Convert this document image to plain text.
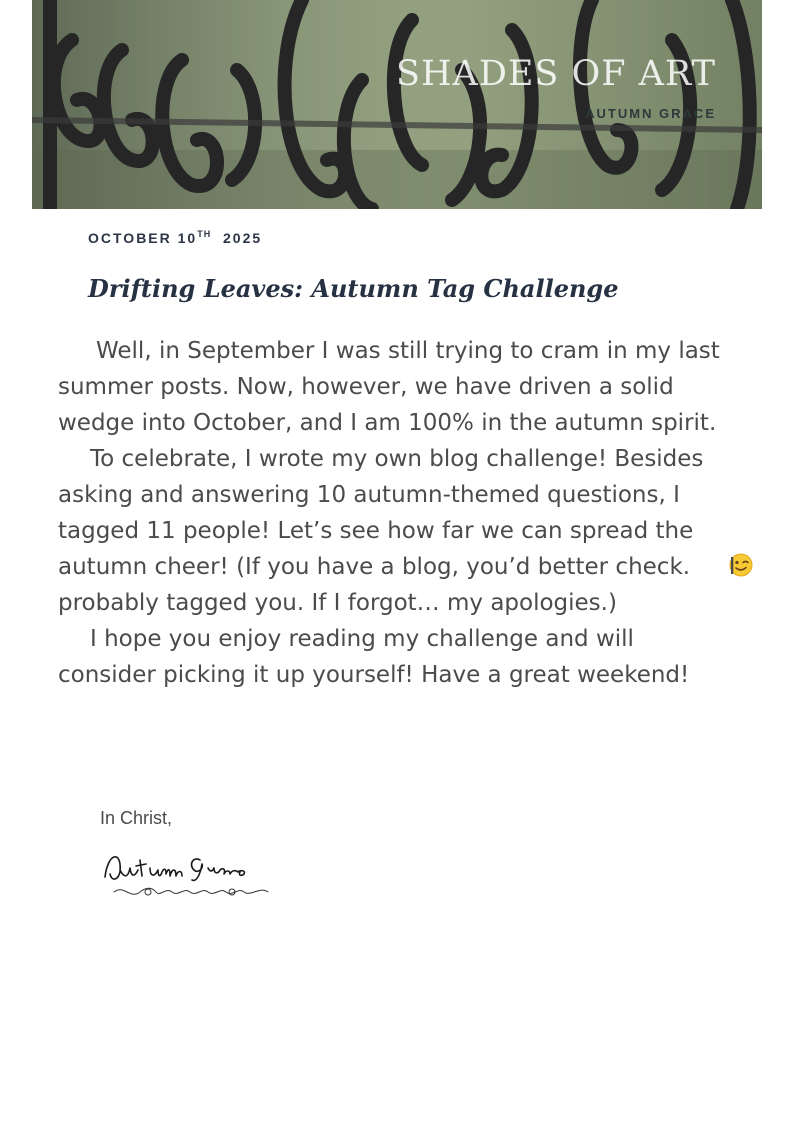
SHADES OF ART
AUTUMN GRACE
OCTOBER 10TH 2025
Drifting Leaves: Autumn Tag Challenge

Well, in September I was still trying to cram in my last summer posts. Now, however, we have driven a solid wedge into October, and I am 100% in the autumn spirit.

To celebrate, I wrote my own blog challenge! Besides asking and answering 10 autumn-themed questions, I tagged 11 people! Let’s see how far we can spread the autumn cheer! (If you have a blog, you’d better check.  I probably tagged you. If I forgot… my apologies.)

I hope you enjoy reading my challenge and will consider picking it up yourself! Have a great weekend!

In Christ,
